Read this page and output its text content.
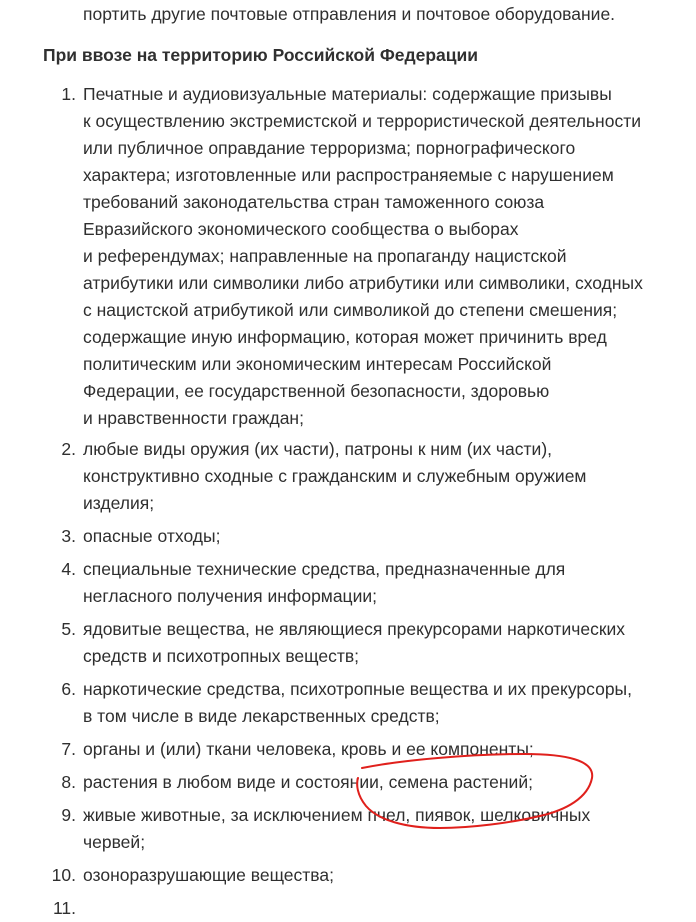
портить другие почтовые отправления и почтовое оборудование.
При ввозе на территорию Российской Федерации
1. Печатные и аудиовизуальные материалы: содержащие призывы
к осуществлению экстремистской и террористической деятельности
или публичное оправдание терроризма; порнографического
характера; изготовленные или распространяемые с нарушением
требований законодательства стран таможенного союза
Евразийского экономического сообщества о выборах
и референдумах; направленные на пропаганду нацистской
атрибутики или символики либо атрибутики или символики, сходных
с нацистской атрибутикой или символикой до степени смешения;
содержащие иную информацию, которая может причинить вред
политическим или экономическим интересам Российской
Федерации, ее государственной безопасности, здоровью
и нравственности граждан;
2. любые виды оружия (их части), патроны к ним (их части),
конструктивно сходные с гражданским и служебным оружием
изделия;
3. опасные отходы;
4. специальные технические средства, предназначенные для
негласного получения информации;
5. ядовитые вещества, не являющиеся прекурсорами наркотических
средств и психотропных веществ;
6. наркотические средства, психотропные вещества и их прекурсоры,
в том числе в виде лекарственных средств;
7. органы и (или) ткани человека, кровь и ее компоненты;
8. растения в любом виде и состоянии, семена растений;
9. живые животные, за исключением пчел, пиявок, шелковичных
червей;
10. озоноразрушающие вещества;
11.
